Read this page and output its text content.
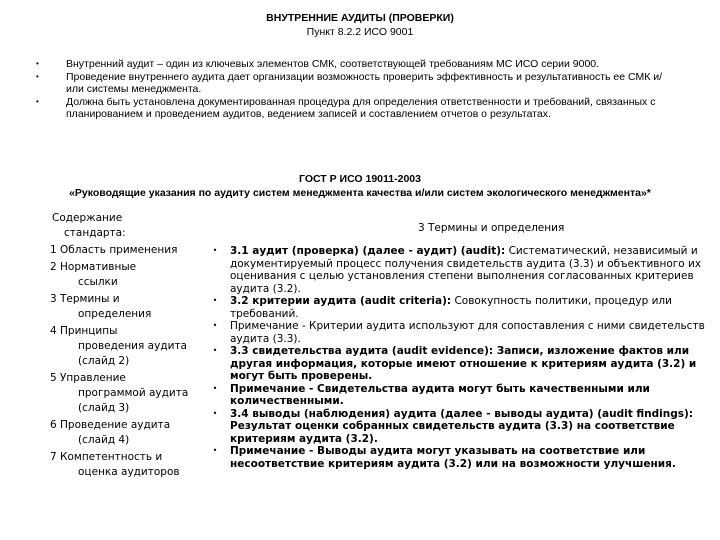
ВНУТРЕННИЕ АУДИТЫ (ПРОВЕРКИ)
Пункт 8.2.2 ИСО 9001
•	Внутренний аудит – один из ключевых элементов СМК, соответствующей требованиям МС ИСО серии 9000.
•	Проведение внутреннего аудита дает организации возможность проверить эффективность и результативность ее СМК и/или системы менеджмента.
•	Должна быть установлена документированная процедура для определения ответственности и требований, связанных с планированием и проведением аудитов, ведением записей и составлением отчетов о результатах.
ГОСТ Р ИСО 19011-2003
«Руководящие указания по аудиту систем менеджмента качества и/или систем экологического менеджмента»*
Содержание
стандарта:
1 Область применения
2 Нормативные
ссылки
3 Термины и
определения
4 Принципы
проведения аудита (слайд 2)
5 Управление
программой аудита (слайд 3)
6 Проведение аудита
(слайд 4)
7 Компетентность и
оценка аудиторов
3 Термины и определения
•	3.1 аудит (проверка) (далее - аудит) (audit): Систематический, независимый и документируемый процесс получения свидетельств аудита (3.3) и объективного их оценивания с целью установления степени выполнения согласованных критериев аудита (3.2).
•	3.2 критерии аудита (audit criteria): Совокупность политики, процедур или требований.
•	Примечание - Критерии аудита используют для сопоставления с ними свидетельств аудита (3.3).
•	3.3 свидетельства аудита (audit evidence): Записи, изложение фактов или другая информация, которые имеют отношение к критериям аудита (3.2) и могут быть проверены.
•	Примечание - Свидетельства аудита могут быть качественными или количественными.
•	3.4 выводы (наблюдения) аудита (далее - выводы аудита) (audit findings): Результат оценки собранных свидетельств аудита (3.3) на соответствие критериям аудита (3.2).
•	Примечание - Выводы аудита могут указывать на соответствие или несоответствие критериям аудита (3.2) или на возможности улучшения.
